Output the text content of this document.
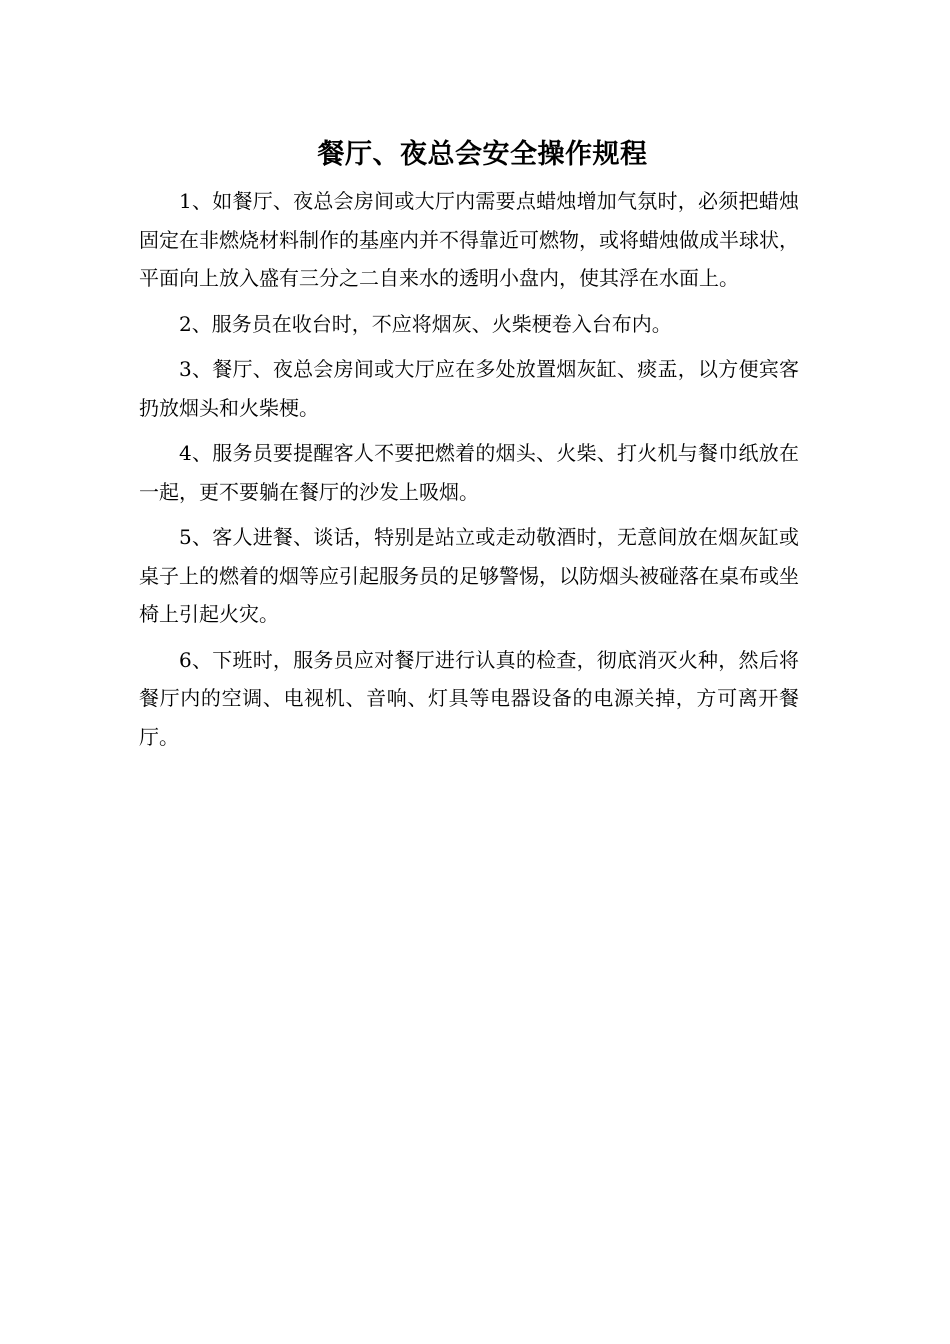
餐厅、夜总会安全操作规程

1、如餐厅、夜总会房间或大厅内需要点蜡烛增加气氛时，必须把蜡烛固定在非燃烧材料制作的基座内并不得靠近可燃物，或将蜡烛做成半球状，平面向上放入盛有三分之二自来水的透明小盘内，使其浮在水面上。

2、服务员在收台时，不应将烟灰、火柴梗卷入台布内。

3、餐厅、夜总会房间或大厅应在多处放置烟灰缸、痰盂，以方便宾客扔放烟头和火柴梗。

4、服务员要提醒客人不要把燃着的烟头、火柴、打火机与餐巾纸放在一起，更不要躺在餐厅的沙发上吸烟。

5、客人进餐、谈话，特别是站立或走动敬酒时，无意间放在烟灰缸或桌子上的燃着的烟等应引起服务员的足够警惕，以防烟头被碰落在桌布或坐椅上引起火灾。

6、下班时，服务员应对餐厅进行认真的检查，彻底消灭火种，然后将餐厅内的空调、电视机、音响、灯具等电器设备的电源关掉，方可离开餐厅。
